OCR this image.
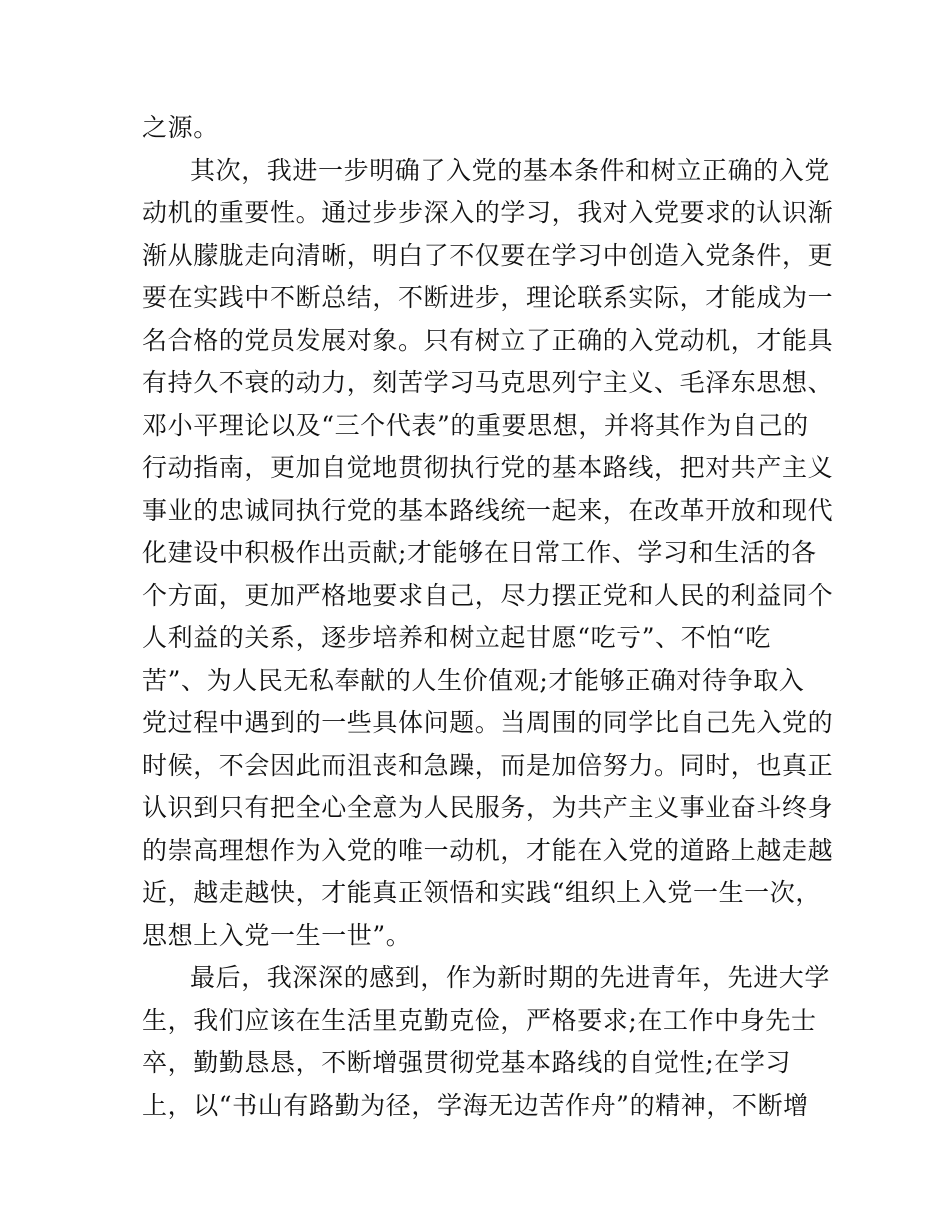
之源。
其次，我进一步明确了入党的基本条件和树立正确的入党
动机的重要性。通过步步深入的学习，我对入党要求的认识渐
渐从朦胧走向清晰，明白了不仅要在学习中创造入党条件，更
要在实践中不断总结，不断进步，理论联系实际，才能成为一
名合格的党员发展对象。只有树立了正确的入党动机，才能具
有持久不衰的动力，刻苦学习马克思列宁主义、毛泽东思想、
邓小平理论以及“三个代表”的重要思想，并将其作为自己的
行动指南，更加自觉地贯彻执行党的基本路线，把对共产主义
事业的忠诚同执行党的基本路线统一起来，在改革开放和现代
化建设中积极作出贡献;才能够在日常工作、学习和生活的各
个方面，更加严格地要求自己，尽力摆正党和人民的利益同个
人利益的关系，逐步培养和树立起甘愿“吃亏”、不怕“吃
苦”、为人民无私奉献的人生价值观;才能够正确对待争取入
党过程中遇到的一些具体问题。当周围的同学比自己先入党的
时候，不会因此而沮丧和急躁，而是加倍努力。同时，也真正
认识到只有把全心全意为人民服务，为共产主义事业奋斗终身
的崇高理想作为入党的唯一动机，才能在入党的道路上越走越
近，越走越快，才能真正领悟和实践“组织上入党一生一次，
思想上入党一生一世”。
最后，我深深的感到，作为新时期的先进青年，先进大学
生，我们应该在生活里克勤克俭，严格要求;在工作中身先士
卒，勤勤恳恳，不断增强贯彻党基本路线的自觉性;在学习
上，以“书山有路勤为径，学海无边苦作舟”的精神，不断增
